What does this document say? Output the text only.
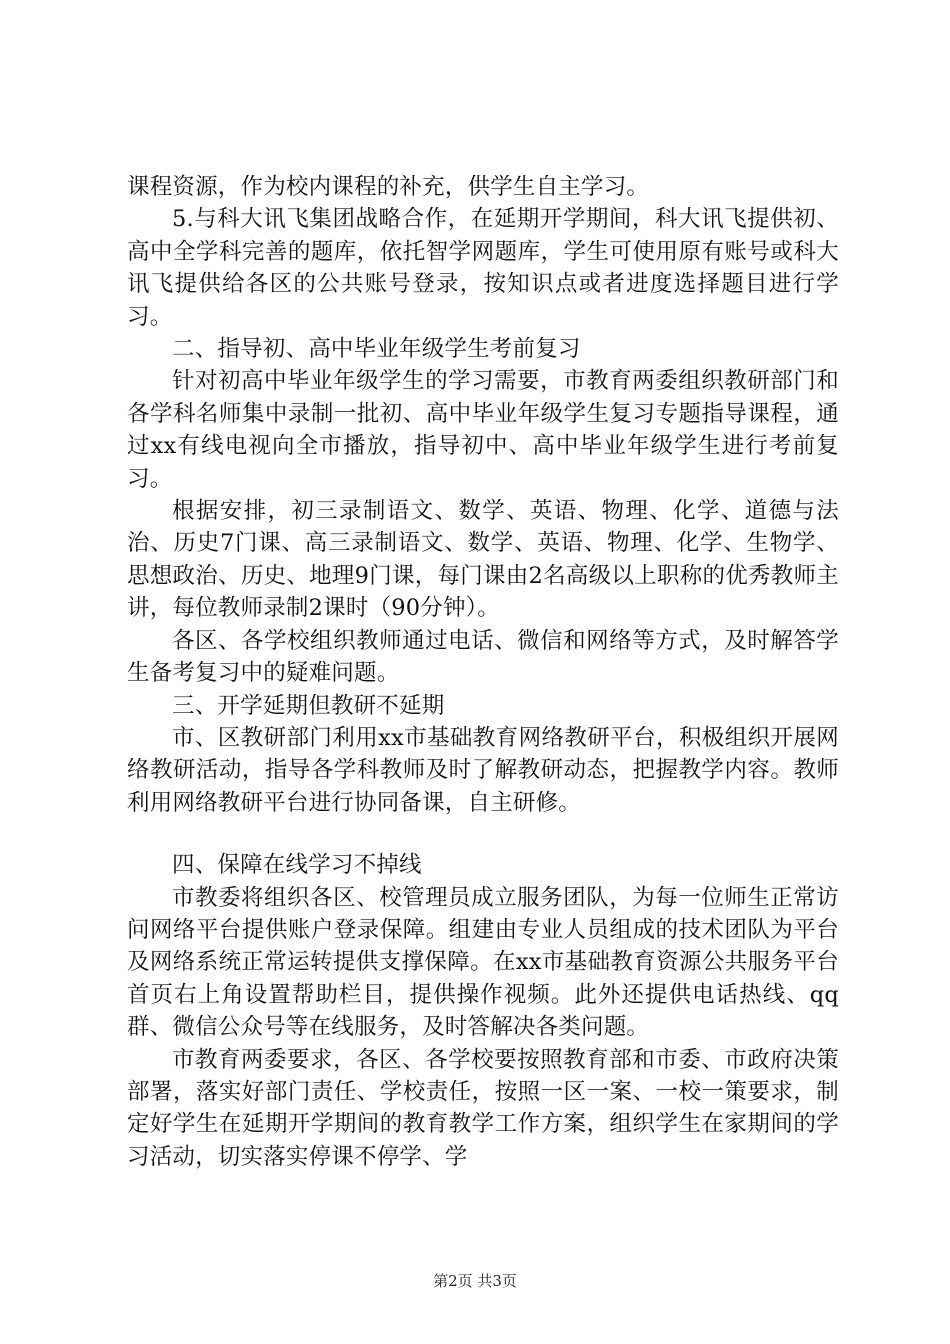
课程资源，作为校内课程的补充，供学生自主学习。

5.与科大讯飞集团战略合作，在延期开学期间，科大讯飞提供初、高中全学科完善的题库，依托智学网题库，学生可使用原有账号或科大讯飞提供给各区的公共账号登录，按知识点或者进度选择题目进行学习。

二、指导初、高中毕业年级学生考前复习

针对初高中毕业年级学生的学习需要，市教育两委组织教研部门和各学科名师集中录制一批初、高中毕业年级学生复习专题指导课程，通过xx有线电视向全市播放，指导初中、高中毕业年级学生进行考前复习。

根据安排，初三录制语文、数学、英语、物理、化学、道德与法治、历史7门课、高三录制语文、数学、英语、物理、化学、生物学、思想政治、历史、地理9门课，每门课由2名高级以上职称的优秀教师主讲，每位教师录制2课时（90分钟）。

各区、各学校组织教师通过电话、微信和网络等方式，及时解答学生备考复习中的疑难问题。

三、开学延期但教研不延期

市、区教研部门利用xx市基础教育网络教研平台，积极组织开展网络教研活动，指导各学科教师及时了解教研动态，把握教学内容。教师利用网络教研平台进行协同备课，自主研修。

四、保障在线学习不掉线

市教委将组织各区、校管理员成立服务团队，为每一位师生正常访问网络平台提供账户登录保障。组建由专业人员组成的技术团队为平台及网络系统正常运转提供支撑保障。在xx市基础教育资源公共服务平台首页右上角设置帮助栏目，提供操作视频。此外还提供电话热线、qq群、微信公众号等在线服务，及时答解决各类问题。

市教育两委要求，各区、各学校要按照教育部和市委、市政府决策部署，落实好部门责任、学校责任，按照一区一案、一校一策要求，制定好学生在延期开学期间的教育教学工作方案，组织学生在家期间的学习活动，切实落实停课不停学、学

第2页 共3页
